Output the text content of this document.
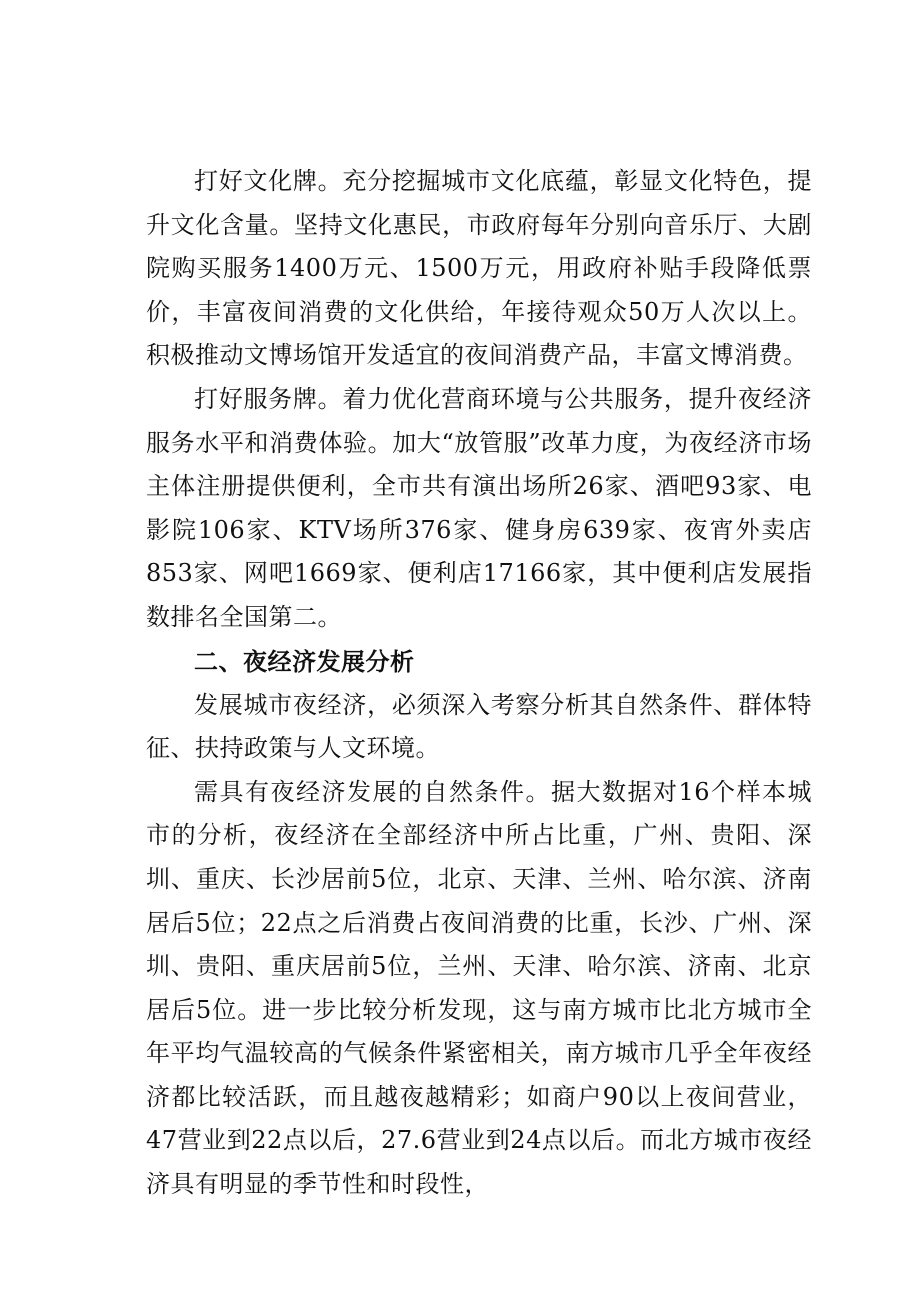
打好文化牌。充分挖掘城市文化底蕴，彰显文化特色，提升文化含量。坚持文化惠民，市政府每年分别向音乐厅、大剧院购买服务1400万元、1500万元，用政府补贴手段降低票价，丰富夜间消费的文化供给，年接待观众50万人次以上。积极推动文博场馆开发适宜的夜间消费产品，丰富文博消费。

打好服务牌。着力优化营商环境与公共服务，提升夜经济服务水平和消费体验。加大“放管服”改革力度，为夜经济市场主体注册提供便利，全市共有演出场所26家、酒吧93家、电影院106家、KTV场所376家、健身房639家、夜宵外卖店853家、网吧1669家、便利店17166家，其中便利店发展指数排名全国第二。

二、夜经济发展分析

发展城市夜经济，必须深入考察分析其自然条件、群体特征、扶持政策与人文环境。

需具有夜经济发展的自然条件。据大数据对16个样本城市的分析，夜经济在全部经济中所占比重，广州、贵阳、深圳、重庆、长沙居前5位，北京、天津、兰州、哈尔滨、济南居后5位；22点之后消费占夜间消费的比重，长沙、广州、深圳、贵阳、重庆居前5位，兰州、天津、哈尔滨、济南、北京居后5位。进一步比较分析发现，这与南方城市比北方城市全年平均气温较高的气候条件紧密相关，南方城市几乎全年夜经济都比较活跃，而且越夜越精彩；如商户90以上夜间营业，47营业到22点以后，27.6营业到24点以后。而北方城市夜经济具有明显的季节性和时段性，
